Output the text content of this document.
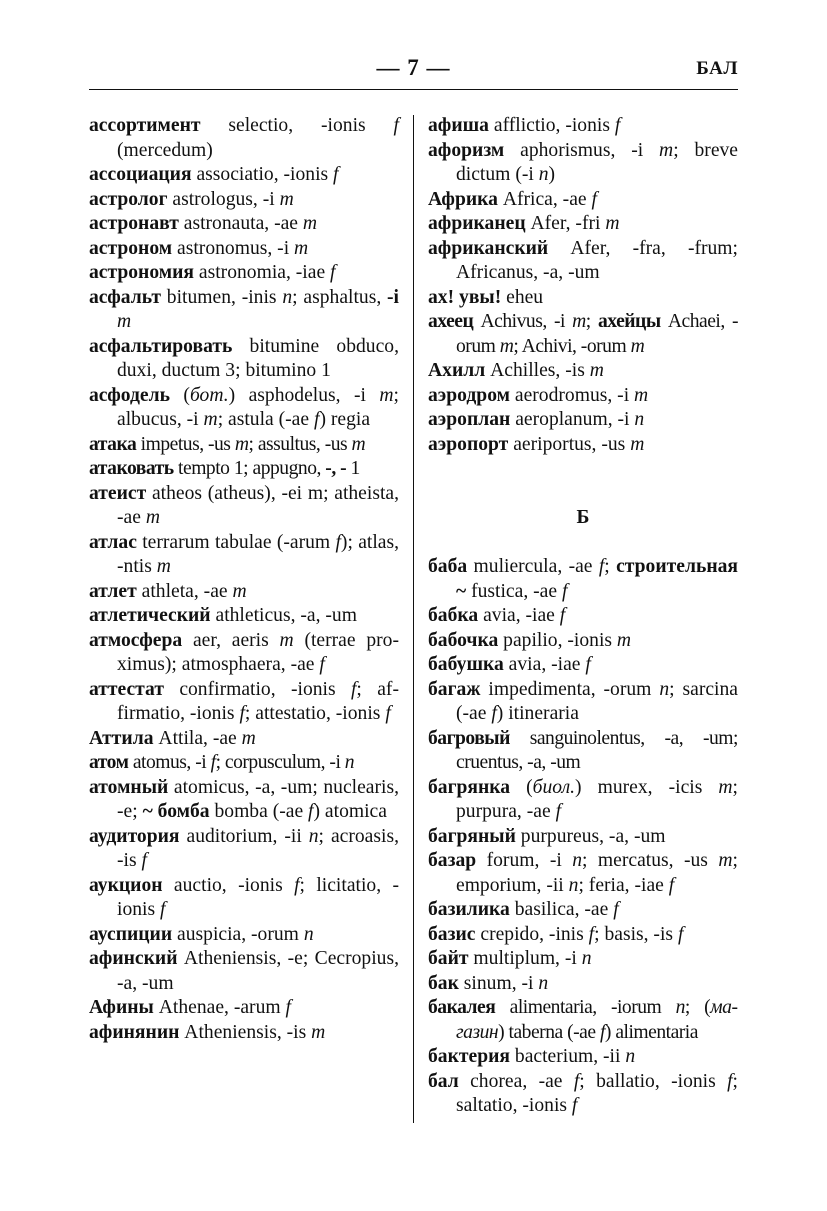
— 7 —	БАЛ
ассортимент selectio, -ionis f (mercedum)
ассоциация associatio, -ionis f
астролог astrologus, -i m
астронавт astronauta, -ae m
астроном astronomus, -i m
астрономия astronomia, -iae f
асфальт bitumen, -inis n; asphaltus, -i m
асфальтировать bitumine obduco, duxi, ductum 3; bitumino 1
асфодель (бот.) asphodelus, -i m; albucus, -i m; astula (-ae f) regia
атака impetus, -us m; assultus, -us m
атаковать tempto 1; appugno, -, - 1
атеист atheos (atheus), -ei m; atheista, -ae m
атлас terrarum tabulae (-arum f); atlas, -ntis m
атлет athleta, -ae m
атлетический athleticus, -a, -um
атмосфера aer, aeris m (terrae proximus); atmosphaera, -ae f
аттестат confirmatio, -ionis f; affirmatio, -ionis f; attestatio, -ionis f
Аттила Attila, -ae m
атом atomus, -i f; corpusculum, -i n
атомный atomicus, -a, -um; nuclearis, -e; ~ бомба bomba (-ae f) atomica
аудитория auditorium, -ii n; acroasis, -is f
аукцион auctio, -ionis f; licitatio, -ionis f
ауспиции auspicia, -orum n
афинский Atheniensis, -e; Cecropius, -a, -um
Афины Athenae, -arum f
афинянин Atheniensis, -is m
афиша afflictio, -ionis f
афоризм aphorismus, -i m; breve dictum (-i n)
Африка Africa, -ae f
африканец Afer, -fri m
африканский Afer, -fra, -frum; Africanus, -a, -um
ах! увы! eheu
ахеец Achivus, -i m; ахейцы Achaei, -orum m; Achivi, -orum m
Ахилл Achilles, -is m
аэродром aerodromus, -i m
аэроплан aeroplanum, -i n
аэропорт aeriportus, -us m
Б
баба muliercula, -ae f; строительная ~ fustica, -ae f
бабка avia, -iae f
бабочка papilio, -ionis m
бабушка avia, -iae f
багаж impedimenta, -orum n; sarcina (-ae f) itineraria
багровый sanguinolentus, -a, -um; cruentus, -a, -um
багрянка (биол.) murex, -icis m; purpura, -ae f
багряный purpureus, -a, -um
базар forum, -i n; mercatus, -us m; emporium, -ii n; feria, -iae f
базилика basilica, -ae f
базис crepido, -inis f; basis, -is f
байт multiplum, -i n
бак sinum, -i n
бакалея alimentaria, -iorum n; (магазин) taberna (-ae f) alimentaria
бактерия bacterium, -ii n
бал chorea, -ae f; ballatio, -ionis f; saltatio, -ionis f
